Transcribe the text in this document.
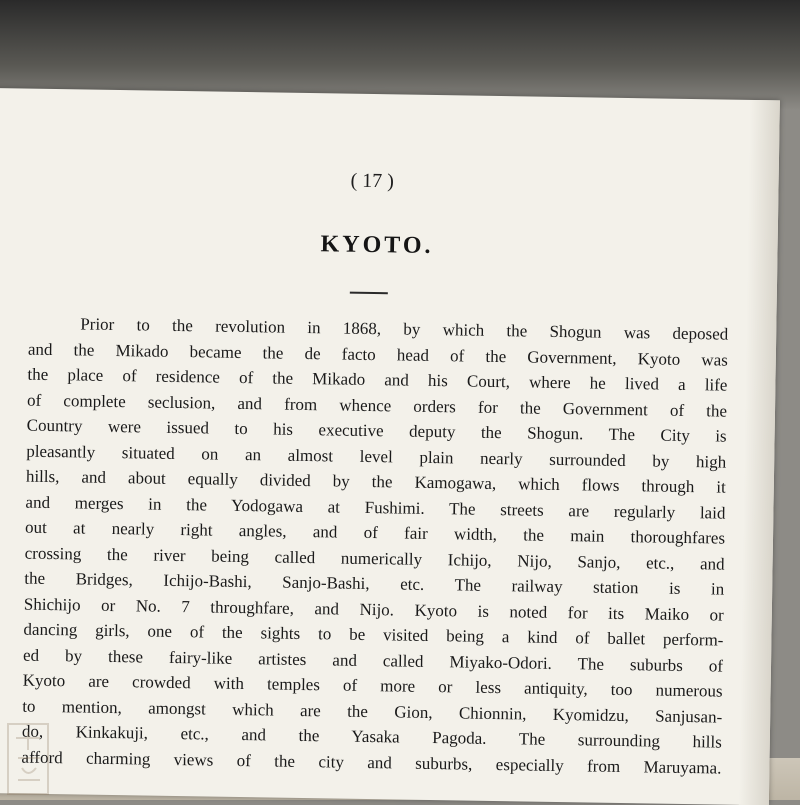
( 17 )
KYOTO.
Prior to the revolution in 1868, by which the Shogun was deposed
and the Mikado became the de facto head of the Government, Kyoto was
the place of residence of the Mikado and his Court, where he lived a life
of complete seclusion, and from whence orders for the Government of the
Country were issued to his executive deputy the Shogun. The City is
pleasantly situated on an almost level plain nearly surrounded by high
hills, and about equally divided by the Kamogawa, which flows through it
and merges in the Yodogawa at Fushimi. The streets are regularly laid
out at nearly right angles, and of fair width, the main thoroughfares
crossing the river being called numerically Ichijo, Nijo, Sanjo, etc., and
the Bridges, Ichijo-Bashi, Sanjo-Bashi, etc. The railway station is in
Shichijo or No. 7 throughfare, and Nijo. Kyoto is noted for its Maiko or
dancing girls, one of the sights to be visited being a kind of ballet perform-
ed by these fairy-like artistes and called Miyako-Odori. The suburbs of
Kyoto are crowded with temples of more or less antiquity, too numerous
to mention, amongst which are the Gion, Chionnin, Kyomidzu, Sanjusan-
do, Kinkakuji, etc., and the Yasaka Pagoda. The surrounding hills
afford charming views of the city and suburbs, especially from Maruyama.
